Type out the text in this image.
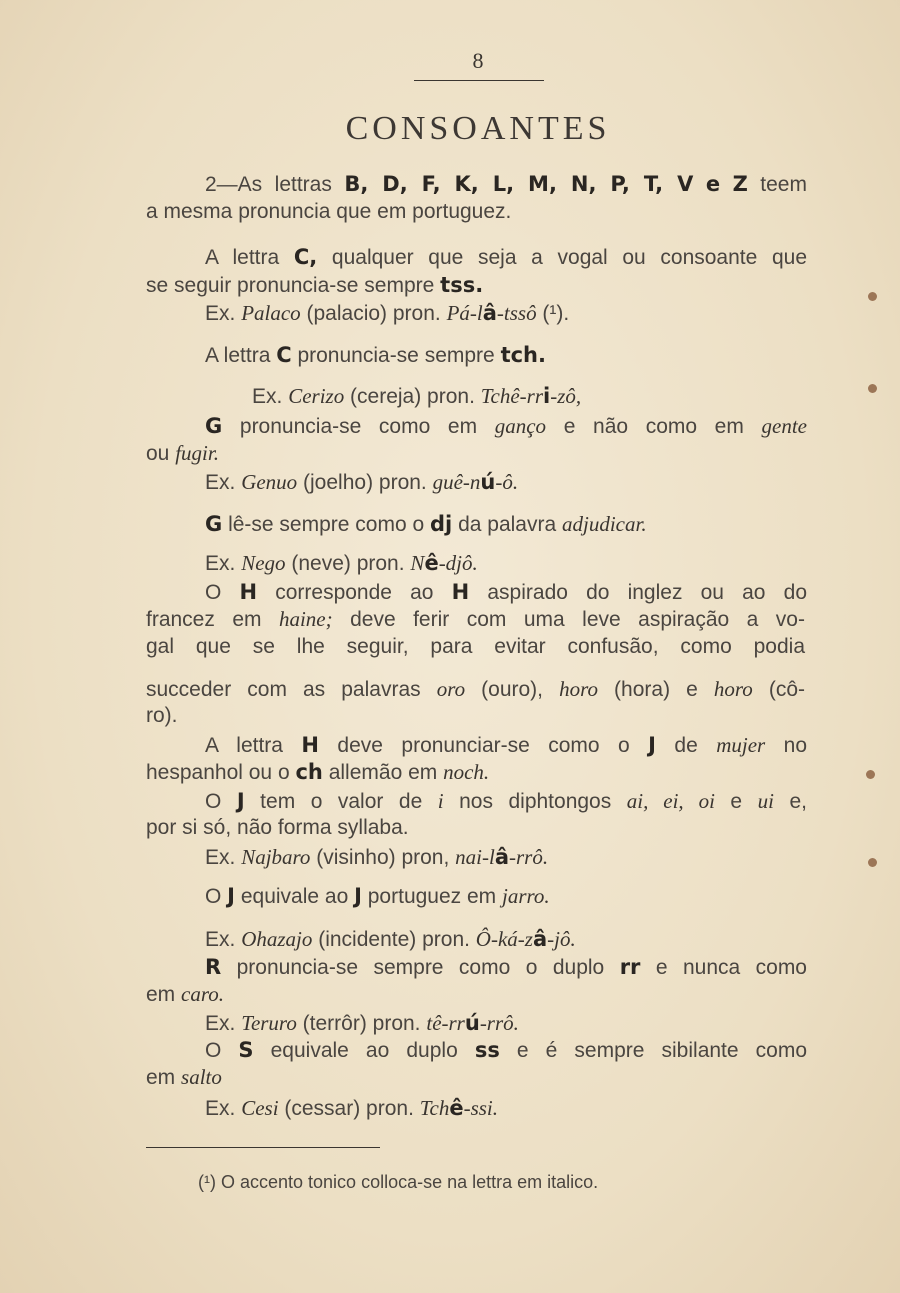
8
CONSOANTES
2—As lettras B, D, F, K, L, M, N, P, T, V e Z teem
a mesma pronuncia que em portuguez.
A lettra C, qualquer que seja a vogal ou consoante que
se seguir pronuncia-se sempre tss.
Ex. Palaco (palacio) pron. Pá-lâ-tssô (¹).
A lettra C pronuncia-se sempre tch.
Ex. Cerizo (cereja) pron. Tchê-rri-zô,
G pronuncia-se como em ganço e não como em gente
ou fugir.
Ex. Genuo (joelho) pron. guê-nú-ô.
G lê-se sempre como o dj da palavra adjudicar.
Ex. Nego (neve) pron. Nê-djô.
O H corresponde ao H aspirado do inglez ou ao do
francez em haine; deve ferir com uma leve aspiração a vo-
gal que se lhe seguir, para evitar confusão, como podia
succeder com as palavras oro (ouro), horo (hora) e horo (cô-
ro).
A lettra H deve pronunciar-se como o J de mujer no
hespanhol ou o ch allemão em noch.
O J tem o valor de i nos diphtongos ai, ei, oi e ui e,
por si só, não forma syllaba.
Ex. Najbaro (visinho) pron, nai-lâ-rrô.
O J equivale ao J portuguez em jarro.
Ex. Ohazajo (incidente) pron. Ô-ká-zâ-jô.
R pronuncia-se sempre como o duplo rr e nunca como
em caro.
Ex. Teruro (terrôr) pron. tê-rrú-rrô.
O S equivale ao duplo ss e é sempre sibilante como
em salto
Ex. Cesi (cessar) pron. Tchê-ssi.
(¹) O accento tonico colloca-se na lettra em italico.
